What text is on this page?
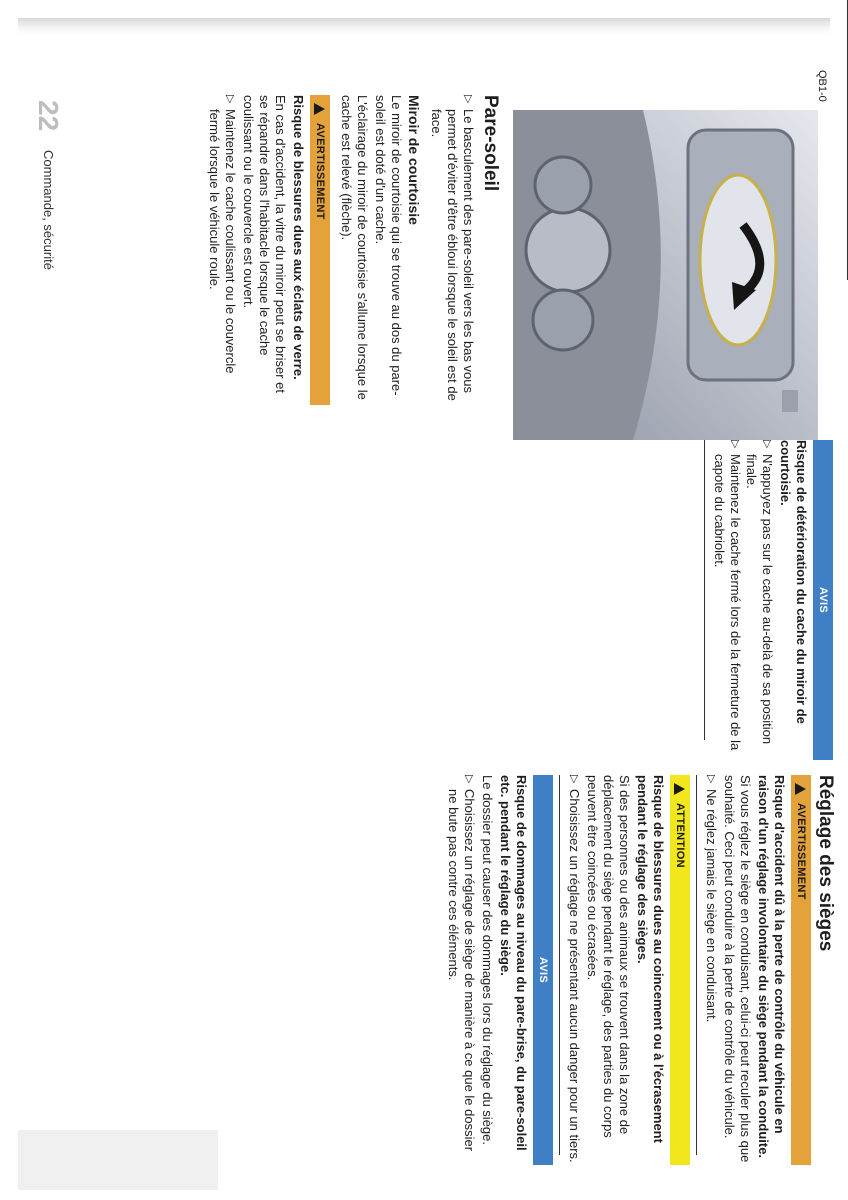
22
Commande, sécurité
Pare-soleil
▷
Le basculement des pare-soleil vers les bas vous permet d'éviter d'être ébloui lorsque le soleil est de face.
Miroir de courtoisie

Le miroir de courtoisie qui se trouve au dos du pare-soleil est doté d'un cache.

L'éclairage du miroir de courtoisie s'allume lorsque le cache est relevé (flèche).

AVERTISSEMENT

Risque de blessures dues aux éclats de verre.

En cas d'accident, la vitre du miroir peut se briser et se répandre dans l'habitacle lorsque le cache coulissant ou le couvercle est ouvert.

▷
Maintenez le cache coulissant ou le couvercle fermé lorsque le véhicule roule.
QB1-0
AVIS

Risque de détérioration du cache du miroir de courtoisie.

▷
N'appuyez pas sur le cache au-delà de sa position finale.
▷
Maintenez le cache fermé lors de la fermeture de la capote du cabriolet.
Réglage des sièges
AVERTISSEMENT

Risque d'accident dû à la perte de contrôle du véhicule en raison d'un réglage involontaire du siège pendant la conduite.

Si vous réglez le siège en conduisant, celui-ci peut reculer plus que souhaité. Ceci peut conduire à la perte de contrôle du véhicule.

▷
Ne réglez jamais le siège en conduisant.
ATTENTION

Risque de blessures dues au coincement ou à l'écrasement pendant le réglage des sièges.

Si des personnes ou des animaux se trouvent dans la zone de déplacement du siège pendant le réglage, des parties du corps peuvent être coincées ou écrasées.

▷
Choisissez un réglage ne présentant aucun danger pour un tiers.
AVIS

Risque de dommages au niveau du pare-brise, du pare-soleil etc. pendant le réglage du siège.

Le dossier peut causer des dommages lors du réglage du siège.

▷
Choisissez un réglage de siège de manière à ce que le dossier ne bute pas contre ces éléments.
